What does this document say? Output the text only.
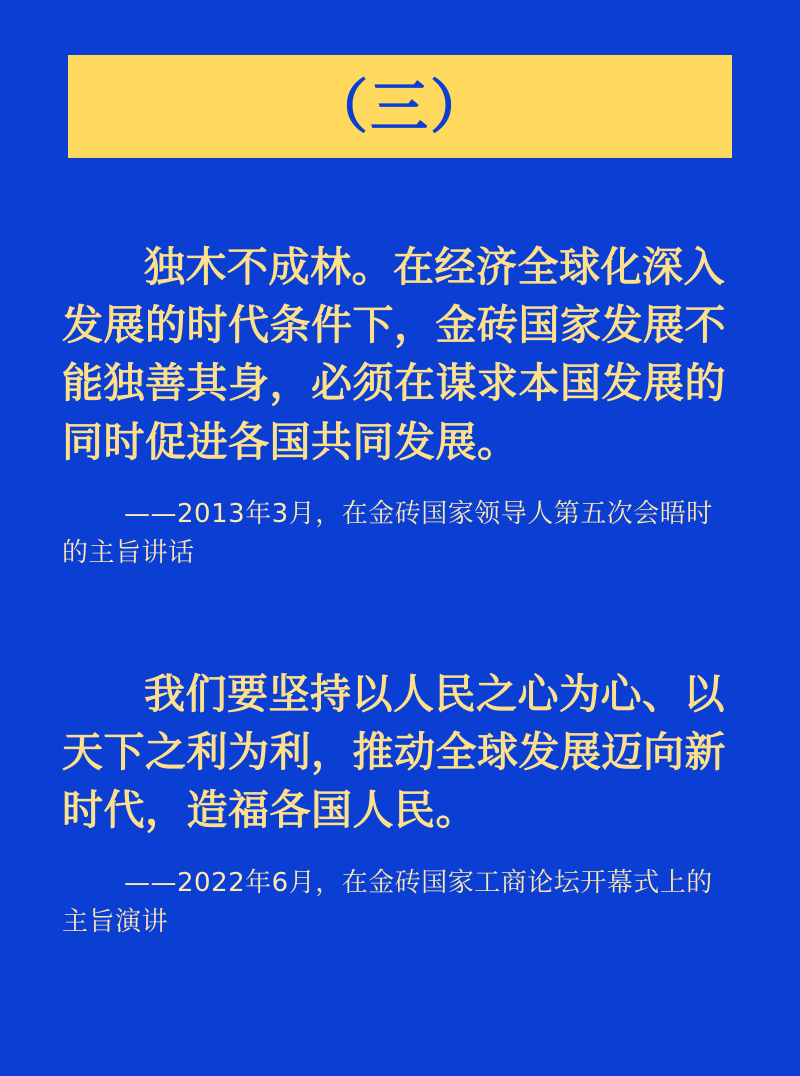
（三）
独木不成林。在经济全球化深入发展的时代条件下，金砖国家发展不能独善其身，必须在谋求本国发展的同时促进各国共同发展。
——2013年3月，在金砖国家领导人第五次会晤时的主旨讲话
我们要坚持以人民之心为心、以天下之利为利，推动全球发展迈向新时代，造福各国人民。
——2022年6月，在金砖国家工商论坛开幕式上的主旨演讲
